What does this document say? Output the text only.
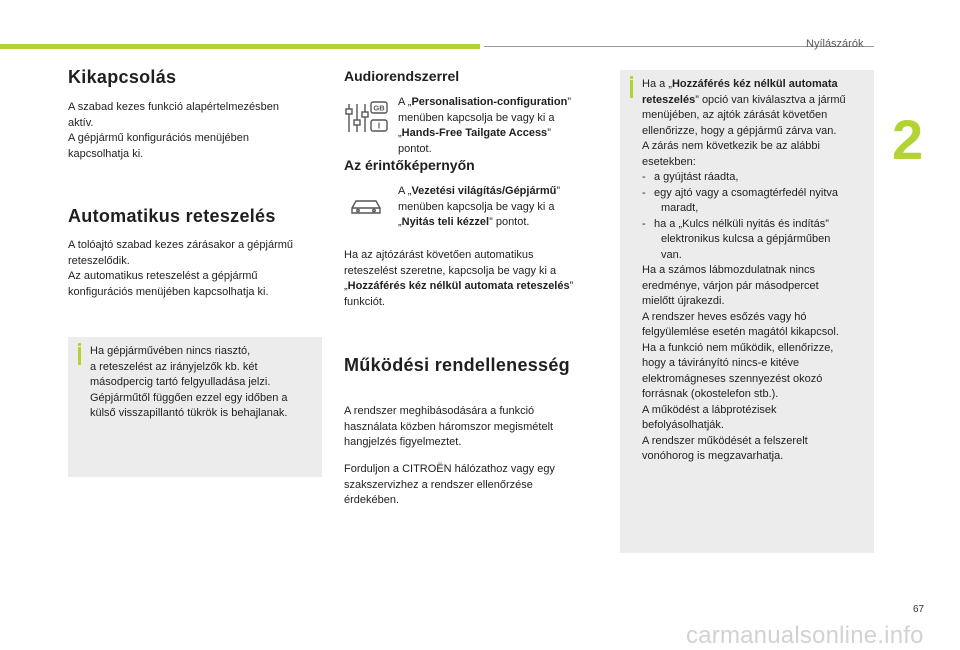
Nyílászárók
2
Kikapcsolás

A szabad kezes funkció alapértelmezésben

aktív.

A gépjármű konfigurációs menüjében

kapcsolhatja ki.

Automatikus reteszelés

A tolóajtó szabad kezes zárásakor a gépjármű

reteszelődik.

Az automatikus reteszelést a gépjármű

konfigurációs menüjében kapcsolhatja ki.

Ha gépjárművében nincs riasztó,

a reteszelést az irányjelzők kb. két

másodpercig tartó felgyulladása jelzi.

Gépjárműtől függően ezzel egy időben a

külső visszapillantó tükrök is behajlanak.

Audiorendszerrel
GB
I

A „Personalisation-configuration”

menüben kapcsolja be vagy ki a

„Hands-Free Tailgate Access”

pontot.

Az érintőképernyőn

A „Vezetési világítás/Gépjármű”

menüben kapcsolja be vagy ki a

„Nyitás teli kézzel” pontot.

Ha az ajtózárást követően automatikus

reteszelést szeretne, kapcsolja be vagy ki a

„Hozzáférés kéz nélkül automata reteszelés”

funkciót.

Működési rendellenesség

A rendszer meghibásodására a funkció

használata közben háromszor megismételt

hangjelzés figyelmeztet.

Forduljon a CITROËN hálózathoz vagy egy

szakszervizhez a rendszer ellenőrzése

érdekében.

Ha a „Hozzáférés kéz nélkül automata

reteszelés” opció van kiválasztva a jármű

menüjében, az ajtók zárását követően

ellenőrizze, hogy a gépjármű zárva van.

A zárás nem következik be az alábbi

esetekben:

- a gyújtást ráadta,
- egy ajtó vagy a csomagtérfedél nyitva
maradt,
- ha a „Kulcs nélküli nyitás és indítás”
elektronikus kulcsa a gépjárműben
van.

Ha a számos lábmozdulatnak nincs

eredménye, várjon pár másodpercet

mielőtt újrakezdi.

A rendszer heves esőzés vagy hó

felgyülemlése esetén magától kikapcsol.

Ha a funkció nem működik, ellenőrizze,

hogy a távirányító nincs-e kitéve

elektromágneses szennyezést okozó

forrásnak (okostelefon stb.).

A működést a lábprotézisek

befolyásolhatják.

A rendszer működését a felszerelt

vonóhorog is megzavarhatja.

67
carmanualsonline.info
